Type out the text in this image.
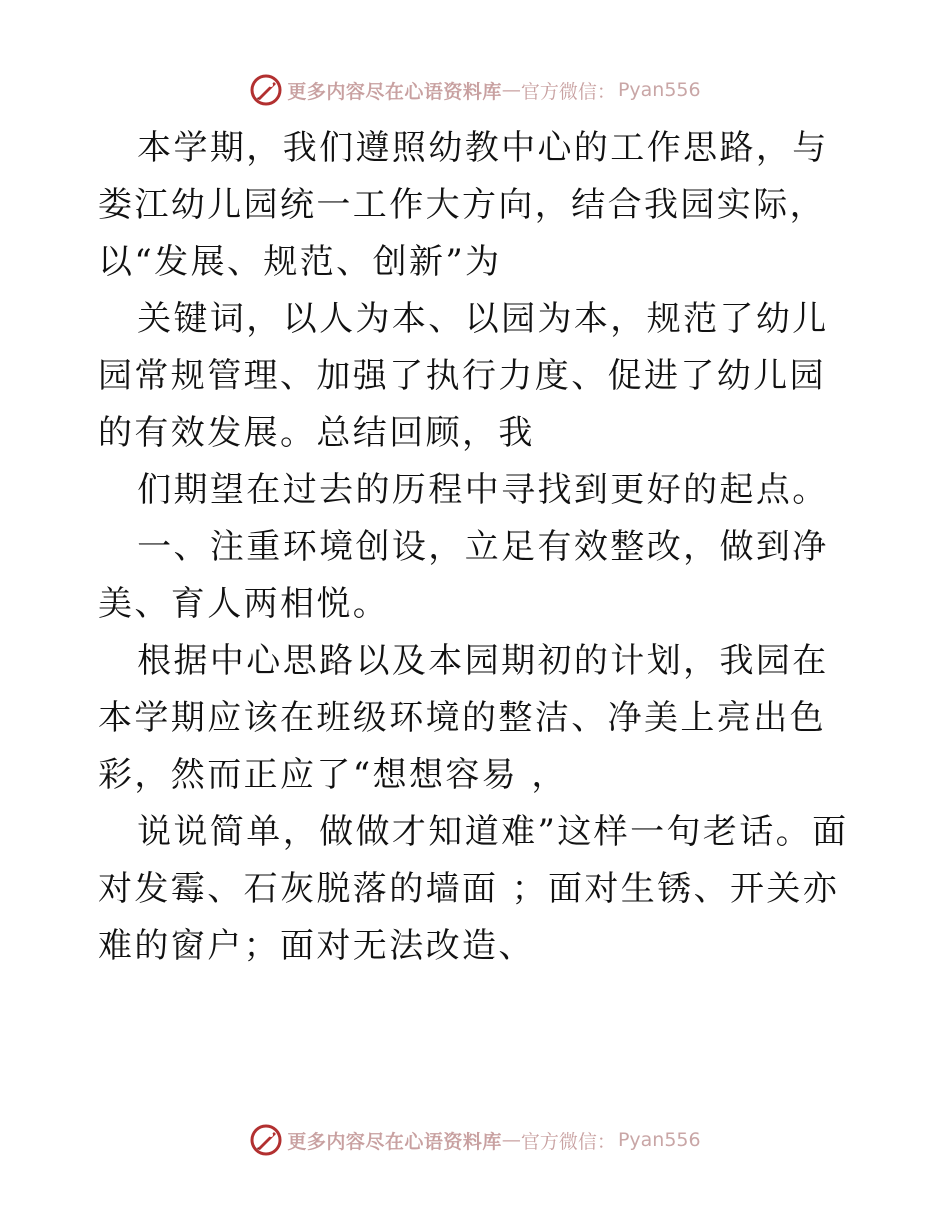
更多内容尽在心语资料库 — 官方微信： Pyan556

本学期，我们遵照幼教中心的工作思路，与娄江幼儿园统一工作大方向，结合我园实际，以“发展、规范、创新”为

关键词，以人为本、以园为本，规范了幼儿园常规管理、加强了执行力度、促进了幼儿园的有效发展。总结回顾，我

们期望在过去的历程中寻找到更好的起点。

一、注重环境创设，立足有效整改，做到净美、育人两相悦。

根据中心思路以及本园期初的计划，我园在本学期应该在班级环境的整洁、净美上亮出色彩，然而正应了“想想容易 ，

说说简单，做做才知道难”这样一句老话。面对发霉、石灰脱落的墙面 ；面对生锈、开关亦难的窗户；面对无法改造、

更多内容尽在心语资料库 — 官方微信： Pyan556
